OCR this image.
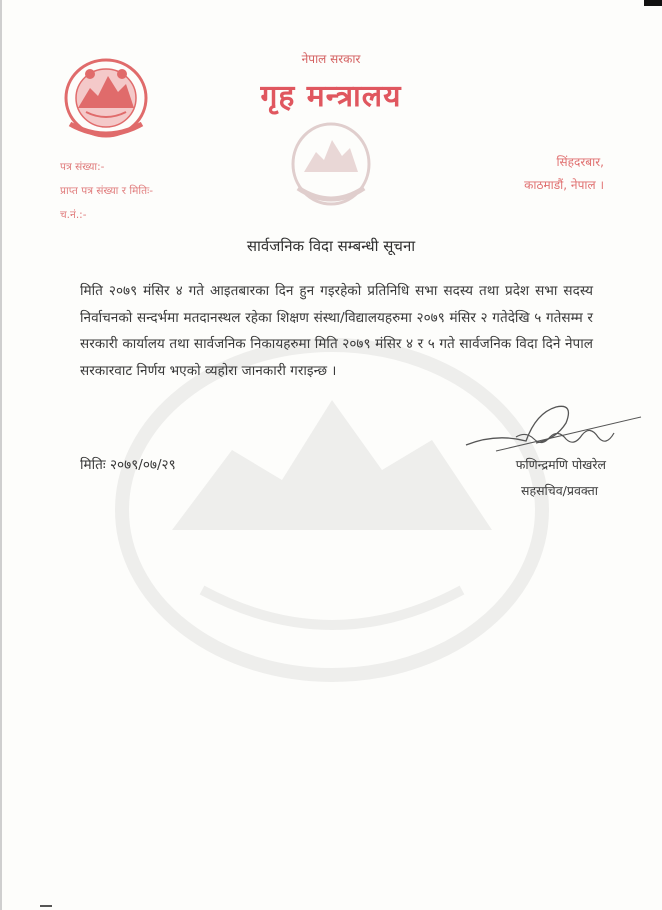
नेपाल सरकार
गृह मन्त्रालय
पत्र संख्या:-
प्राप्त पत्र संख्या र मितिः-
च.नं.:-
सिंहदरबार,
काठमाडौं, नेपाल ।
सार्वजनिक विदा सम्बन्धी सूचना
मिति २०७९ मंसिर ४ गते आइतबारका दिन हुन गइरहेको प्रतिनिधि सभा सदस्य तथा प्रदेश सभा सदस्य निर्वाचनको सन्दर्भमा मतदानस्थल रहेका शिक्षण संस्था/विद्यालयहरुमा २०७९ मंसिर २ गतेदेखि ५ गतेसम्म र सरकारी कार्यालय तथा सार्वजनिक निकायहरुमा मिति २०७९ मंसिर ४ र ५ गते सार्वजनिक विदा दिने नेपाल सरकारवाट निर्णय भएको व्यहोरा जानकारी गराइन्छ ।
मितिः २०७९/०७/२९	फणिन्द्रमणि पोखरेल
सहसचिव/प्रवक्ता
